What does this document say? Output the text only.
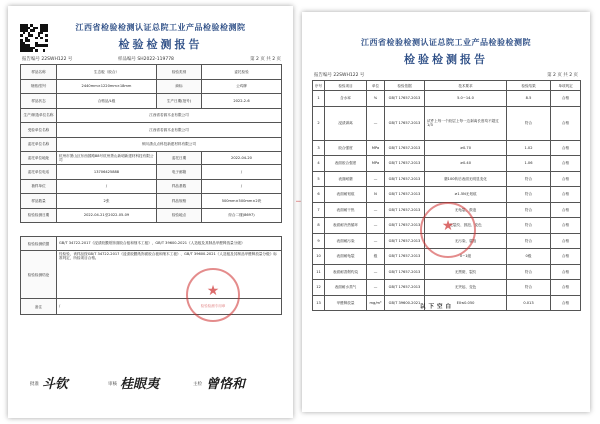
江西省检验检测认证总院工业产品检验检测院
检验检测报告
报告编号 22SWH122 号	样品编号 SH2022-119778	第 2 页 共 2 页
样品名称	生态板（胶合）	检验类别	委托检验
规格/型号	2440mm×1220mm×18mm	商标	公鸡牌
样品状态	合格品/L级	生产日期(批号)	2022-2-6
生产/制造单位名称	江西省若源木业有限公司		
受检单位名称	江西省若源木业有限公司		
委托单位名称	铜川潇点点科技新建材料有限公司		
委托单位地址	杭州市萧山区东西园路88号杭州萧山新明新建材科技有限公司	委托日期	2022-04-20
委托单位电话	13706425888	电子邮箱	/
抽样单位	/	样品基数	/
样品数量	2张	样品规格	500mm×500mm×2块
检验检测日期	2022-04-21至2022-05-09	检验地点	综合二楼(8697)
检验检测依据	GB/T 34722-2017《浸渍胶膜纸饰面胶合板和细木工板》，GB/T 39600-2021《人造板及其制品甲醛释放量分级》
检验检测结论	经检验，该样品按GB/T 34722-2017《浸渍胶膜纸饰面胶合板和细木工板》、GB/T 39600-2021《人造板及其制品甲醛释放量分级》标准判定，所检项目合格。
备注	/
★
检验检测专用章
批准 斗钦	审核 桂眼夷	主检 曾恪和
┃
江西省检验检测认证总院工业产品检验检测院
检验检测报告
报告编号 22SWH122 号	第 2 页 共 2 页
序号	检验项目	单位	检验依据	技术要求	检验结果	单项判定
1	含水率	%	GB/T 17657-2013	5.0~14.0	8.5	合格
2	浸渍剥离	—	GB/T 17657-2013	试件上每一个胶层上每一边剥离长度均不超过1/3	符合	合格
3	胶合强度	MPa	GB/T 17657-2013	≥0.70	1.02	合格
4	表面胶合强度	MPa	GB/T 17657-2013	≥0.40	1.06	合格
5	表面耐磨	—	GB/T 17657-2013	磨100转后表面无明显变化	符合	合格
6	表面耐划痕	N	GB/T 17657-2013	≥1.5N无划痕	符合	合格
7	表面耐干热	—	GB/T 17657-2013	无龟裂、鼓泡	符合	合格
8	表面耐冷热循环	—	GB/T 17657-2013	无裂纹、鼓泡、变色	符合	合格
9	表面耐污染	—	GB/T 17657-2013	无污染、腐蚀	符合	合格
10	表面耐龟裂	级	GB/T 17657-2013	0~1级	0级	合格
11	表面耐香烟灼烧	—	GB/T 17657-2013	无黑斑、裂纹	符合	合格
12	表面耐水蒸气	—	GB/T 17657-2013	无突起、变色	符合	合格
13	甲醛释放量	mg/m³	GB/T 39600-2021	E0≤0.050	0.013	合格
★
以下空白
